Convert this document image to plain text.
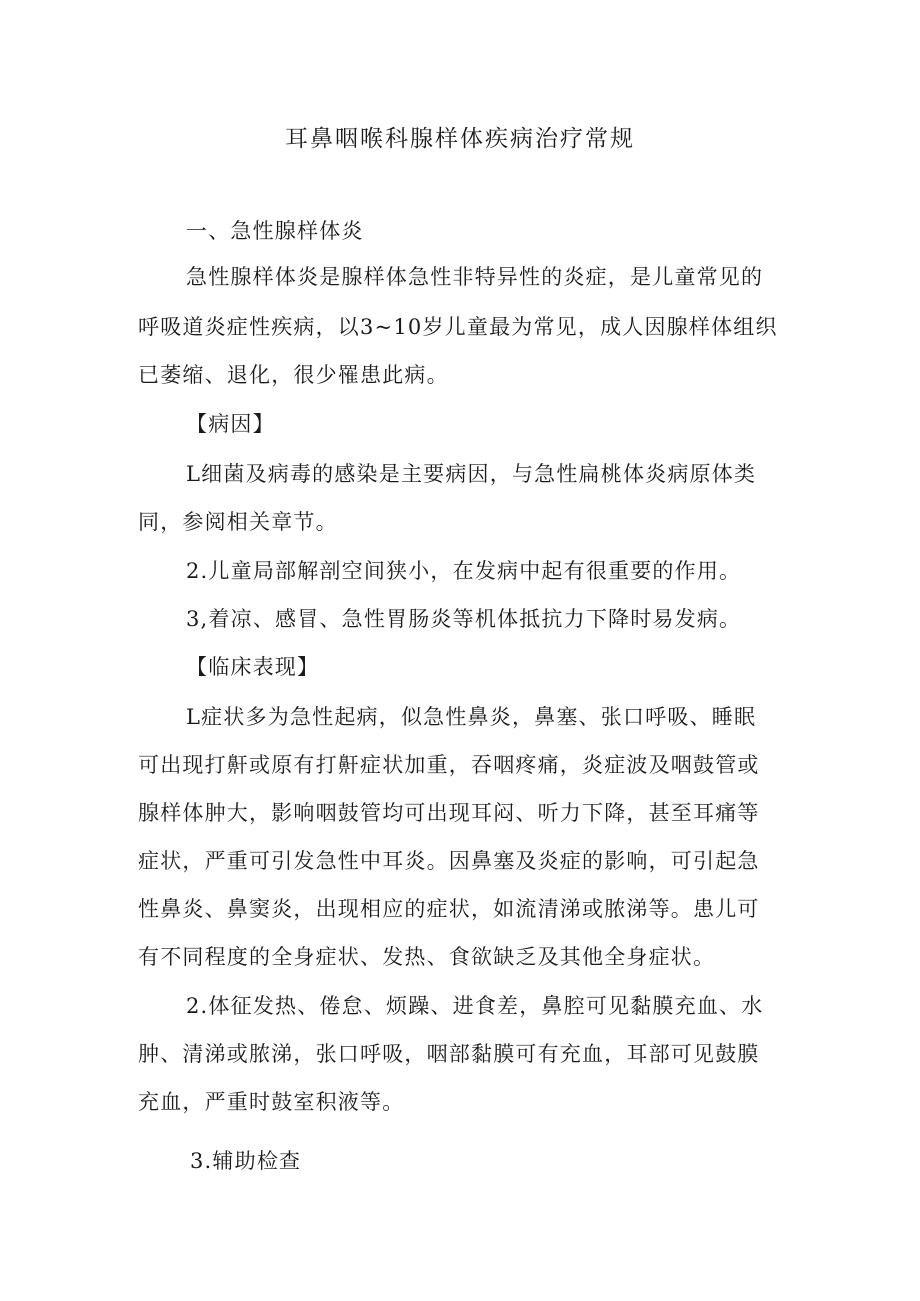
耳鼻咽喉科腺样体疾病治疗常规
一、急性腺样体炎
急性腺样体炎是腺样体急性非特异性的炎症，是儿童常见的
呼吸道炎症性疾病，以3~10岁儿童最为常见，成人因腺样体组织
已萎缩、退化，很少罹患此病。
【病因】
L细菌及病毒的感染是主要病因，与急性扁桃体炎病原体类
同，参阅相关章节。
2.儿童局部解剖空间狭小，在发病中起有很重要的作用。
3,着凉、感冒、急性胃肠炎等机体抵抗力下降时易发病。
【临床表现】
L症状多为急性起病，似急性鼻炎，鼻塞、张口呼吸、睡眠
可出现打鼾或原有打鼾症状加重，吞咽疼痛，炎症波及咽鼓管或
腺样体肿大，影响咽鼓管均可出现耳闷、听力下降，甚至耳痛等
症状，严重可引发急性中耳炎。因鼻塞及炎症的影响，可引起急
性鼻炎、鼻窦炎，出现相应的症状，如流清涕或脓涕等。患儿可
有不同程度的全身症状、发热、食欲缺乏及其他全身症状。
2.体征发热、倦怠、烦躁、进食差，鼻腔可见黏膜充血、水
肿、清涕或脓涕，张口呼吸，咽部黏膜可有充血，耳部可见鼓膜
充血，严重时鼓室积液等。
3.辅助检查
